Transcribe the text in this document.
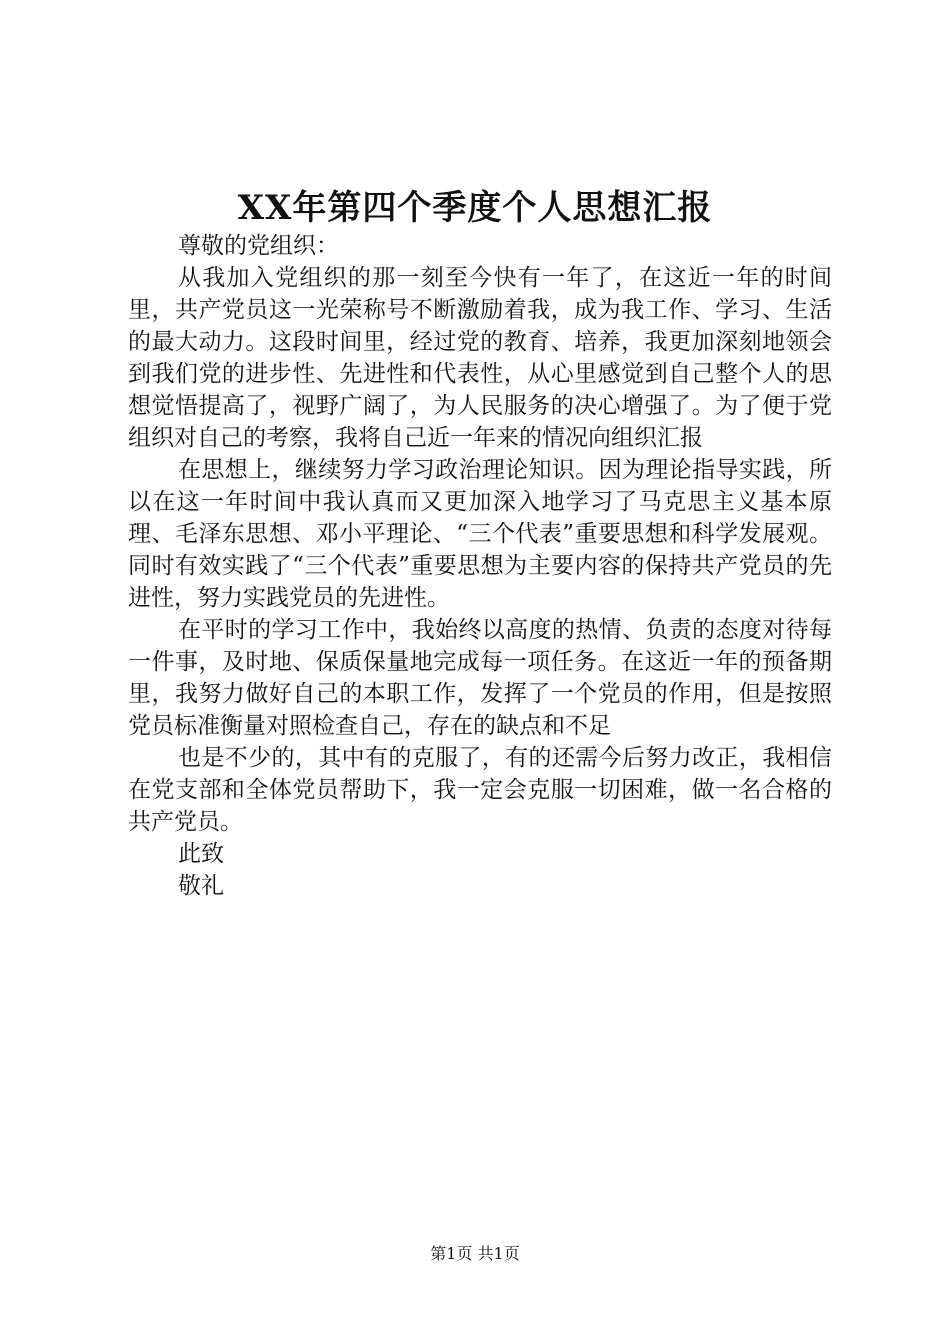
XX年第四个季度个人思想汇报

尊敬的党组织：

从我加入党组织的那一刻至今快有一年了，在这近一年的时间里，共产党员这一光荣称号不断激励着我，成为我工作、学习、生活的最大动力。这段时间里，经过党的教育、培养，我更加深刻地领会到我们党的进步性、先进性和代表性，从心里感觉到自己整个人的思想觉悟提高了，视野广阔了，为人民服务的决心增强了。为了便于党组织对自己的考察，我将自己近一年来的情况向组织汇报

在思想上，继续努力学习政治理论知识。因为理论指导实践，所以在这一年时间中我认真而又更加深入地学习了马克思主义基本原理、毛泽东思想、邓小平理论、“三个代表”重要思想和科学发展观。同时有效实践了“三个代表”重要思想为主要内容的保持共产党员的先进性，努力实践党员的先进性。

在平时的学习工作中，我始终以高度的热情、负责的态度对待每一件事，及时地、保质保量地完成每一项任务。在这近一年的预备期里，我努力做好自己的本职工作，发挥了一个党员的作用，但是按照党员标准衡量对照检查自己，存在的缺点和不足

也是不少的，其中有的克服了，有的还需今后努力改正，我相信在党支部和全体党员帮助下，我一定会克服一切困难，做一名合格的共产党员。

此致

敬礼

第1页 共1页
